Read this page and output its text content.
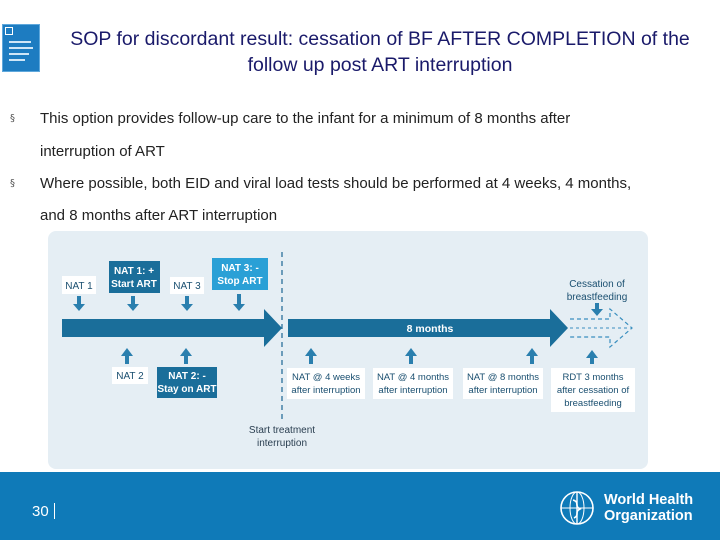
SOP for discordant result: cessation of BF AFTER COMPLETION of the
follow up post ART interruption
§ This option provides follow-up care to the infant for a minimum of 8 months after
interruption of ART
§ Where possible, both EID and viral load tests should be performed at 4 weeks, 4 months,
and 8 months after ART interruption
8 months
NAT 1
NAT 1: +
Start ART NAT 3
NAT 3: -
Stop ART	Cessation of
breastfeeding
NAT 2 NAT 2: -
Stay on ART
NAT @ 4 weeks
after interruption
NAT @ 4 months
after interruption
NAT @ 8 months
after interruption
RDT 3 months
after cessation of
breastfeeding
Start treatment
interruption
30
World Health
Organization
